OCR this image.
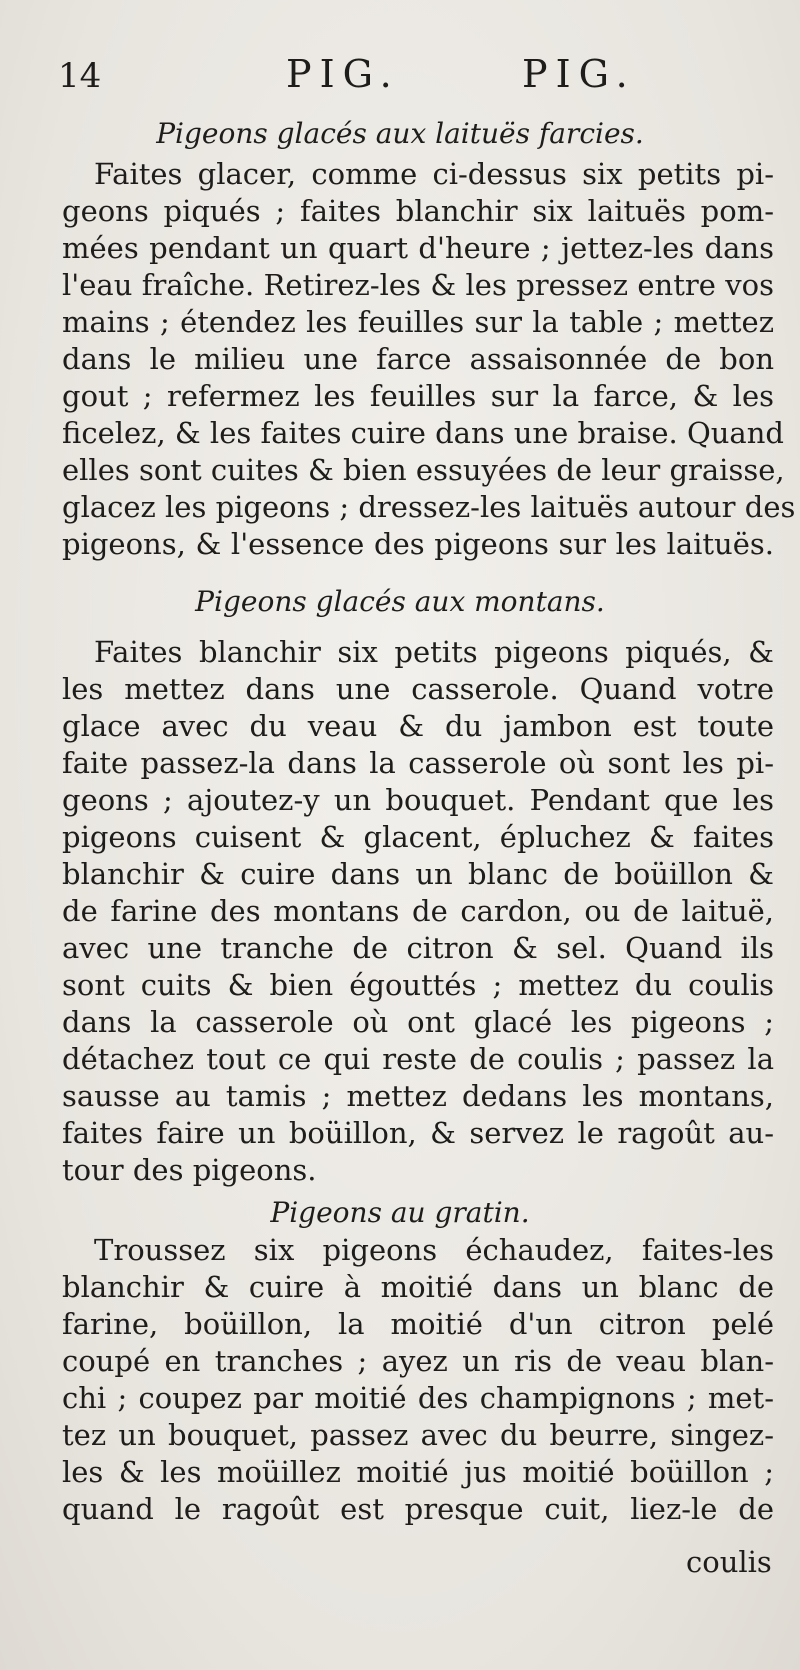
14	PIG.	PIG.
Pigeons glacés aux laituës farcies.
Faites glacer, comme ci-dessus six petits pi-
geons piqués ; faites blanchir six laituës pom-
mées pendant un quart d'heure ; jettez-les dans
l'eau fraîche. Retirez-les & les pressez entre vos
mains ; étendez les feuilles sur la table ; mettez
dans le milieu une farce assaisonnée de bon
gout ; refermez les feuilles sur la farce, & les
ficelez, & les faites cuire dans une braise. Quand
elles sont cuites & bien essuyées de leur graisse,
glacez les pigeons ; dressez-les laituës autour des
pigeons, & l'essence des pigeons sur les laituës.
Pigeons glacés aux montans.
Faites blanchir six petits pigeons piqués, &
les mettez dans une casserole. Quand votre
glace avec du veau & du jambon est toute
faite passez-la dans la casserole où sont les pi-
geons ; ajoutez-y un bouquet. Pendant que les
pigeons cuisent & glacent, épluchez & faites
blanchir & cuire dans un blanc de boüillon &
de farine des montans de cardon, ou de laituë,
avec une tranche de citron & sel. Quand ils
sont cuits & bien égouttés ; mettez du coulis
dans la casserole où ont glacé les pigeons ;
détachez tout ce qui reste de coulis ; passez la
sausse au tamis ; mettez dedans les montans,
faites faire un boüillon, & servez le ragoût au-
tour des pigeons.
Pigeons au gratin.
Troussez six pigeons échaudez, faites-les
blanchir & cuire à moitié dans un blanc de
farine, boüillon, la moitié d'un citron pelé
coupé en tranches ; ayez un ris de veau blan-
chi ; coupez par moitié des champignons ; met-
tez un bouquet, passez avec du beurre, singez-
les & les moüillez moitié jus moitié boüillon ;
quand le ragoût est presque cuit, liez-le de
coulis
